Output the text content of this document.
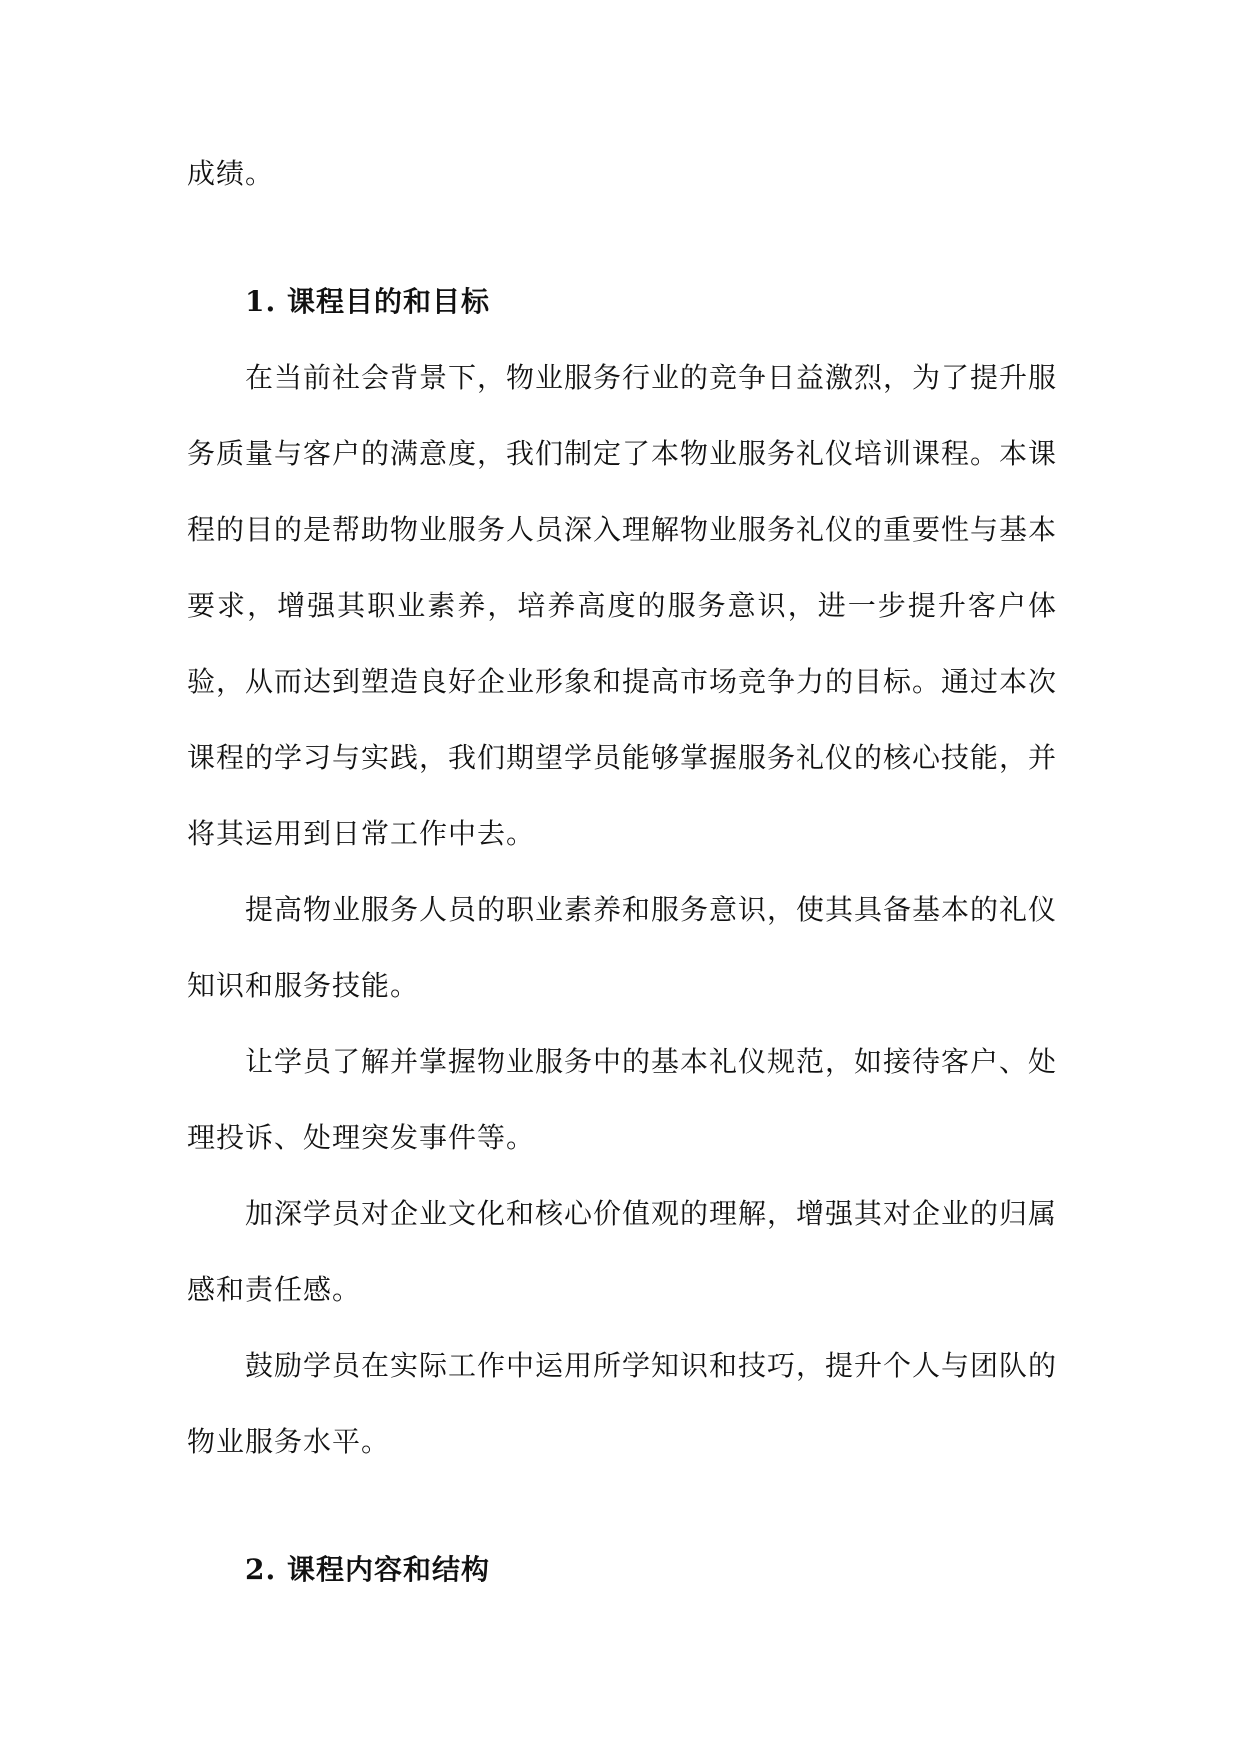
成绩。

1. 课程目的和目标

在当前社会背景下，物业服务行业的竞争日益激烈，为了提升服务质量与客户的满意度，我们制定了本物业服务礼仪培训课程。本课程的目的是帮助物业服务人员深入理解物业服务礼仪的重要性与基本要求，增强其职业素养，培养高度的服务意识，进一步提升客户体验，从而达到塑造良好企业形象和提高市场竞争力的目标。通过本次课程的学习与实践，我们期望学员能够掌握服务礼仪的核心技能，并将其运用到日常工作中去。

提高物业服务人员的职业素养和服务意识，使其具备基本的礼仪知识和服务技能。

让学员了解并掌握物业服务中的基本礼仪规范，如接待客户、处理投诉、处理突发事件等。

加深学员对企业文化和核心价值观的理解，增强其对企业的归属感和责任感。

鼓励学员在实际工作中运用所学知识和技巧，提升个人与团队的物业服务水平。

2. 课程内容和结构
